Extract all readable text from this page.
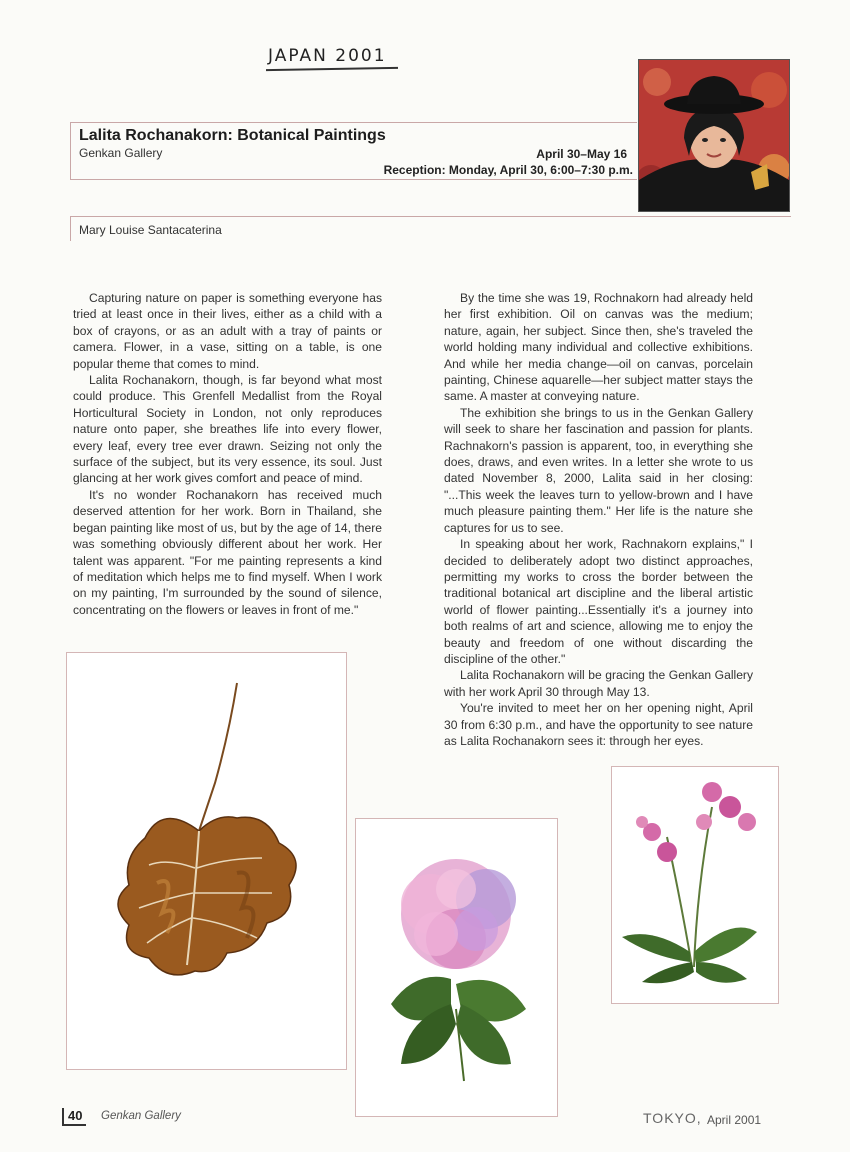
JAPAN 2001
Lalita Rochanakorn: Botanical Paintings
Genkan Gallery	April 30–May 16
Reception: Monday, April 30, 6:00–7:30 p.m.
Mary Louise Santacaterina

Capturing nature on paper is something everyone has tried at least once in their lives, either as a child with a box of crayons, or as an adult with a tray of paints or camera. Flower, in a vase, sitting on a table, is one popular theme that comes to mind.

Lalita Rochanakorn, though, is far beyond what most could produce. This Grenfell Medallist from the Royal Horticultural Society in London, not only reproduces nature onto paper, she breathes life into every flower, every leaf, every tree ever drawn. Seizing not only the surface of the subject, but its very essence, its soul. Just glancing at her work gives comfort and peace of mind.

It's no wonder Rochanakorn has received much deserved attention for her work. Born in Thailand, she began painting like most of us, but by the age of 14, there was something obviously different about her work. Her talent was apparent. "For me painting represents a kind of meditation which helps me to find myself. When I work on my painting, I'm surrounded by the sound of silence, concentrating on the flowers or leaves in front of me."

By the time she was 19, Rochnakorn had already held her first exhibition. Oil on canvas was the medium; nature, again, her subject. Since then, she's traveled the world holding many individual and collective exhibitions. And while her media change—oil on canvas, porcelain painting, Chinese aquarelle—her subject matter stays the same. A master at conveying nature.

The exhibition she brings to us in the Genkan Gallery will seek to share her fascination and passion for plants. Rachnakorn's passion is apparent, too, in everything she does, draws, and even writes. In a letter she wrote to us dated November 8, 2000, Lalita said in her closing: "...This week the leaves turn to yellow-brown and I have much pleasure painting them." Her life is the nature she captures for us to see.

In speaking about her work, Rachnakorn explains," I decided to deliberately adopt two distinct approaches, permitting my works to cross the border between the traditional botanical art discipline and the liberal artistic world of flower painting...Essentially it's a journey into both realms of art and science, allowing me to enjoy the beauty and freedom of one without discarding the discipline of the other."

Lalita Rochanakorn will be gracing the Genkan Gallery with her work April 30 through May 13.

You're invited to meet her on her opening night, April 30 from 6:30 p.m., and have the opportunity to see nature as Lalita Rochanakorn sees it: through her eyes.

40	Genkan Gallery	TOKYO, April 2001
